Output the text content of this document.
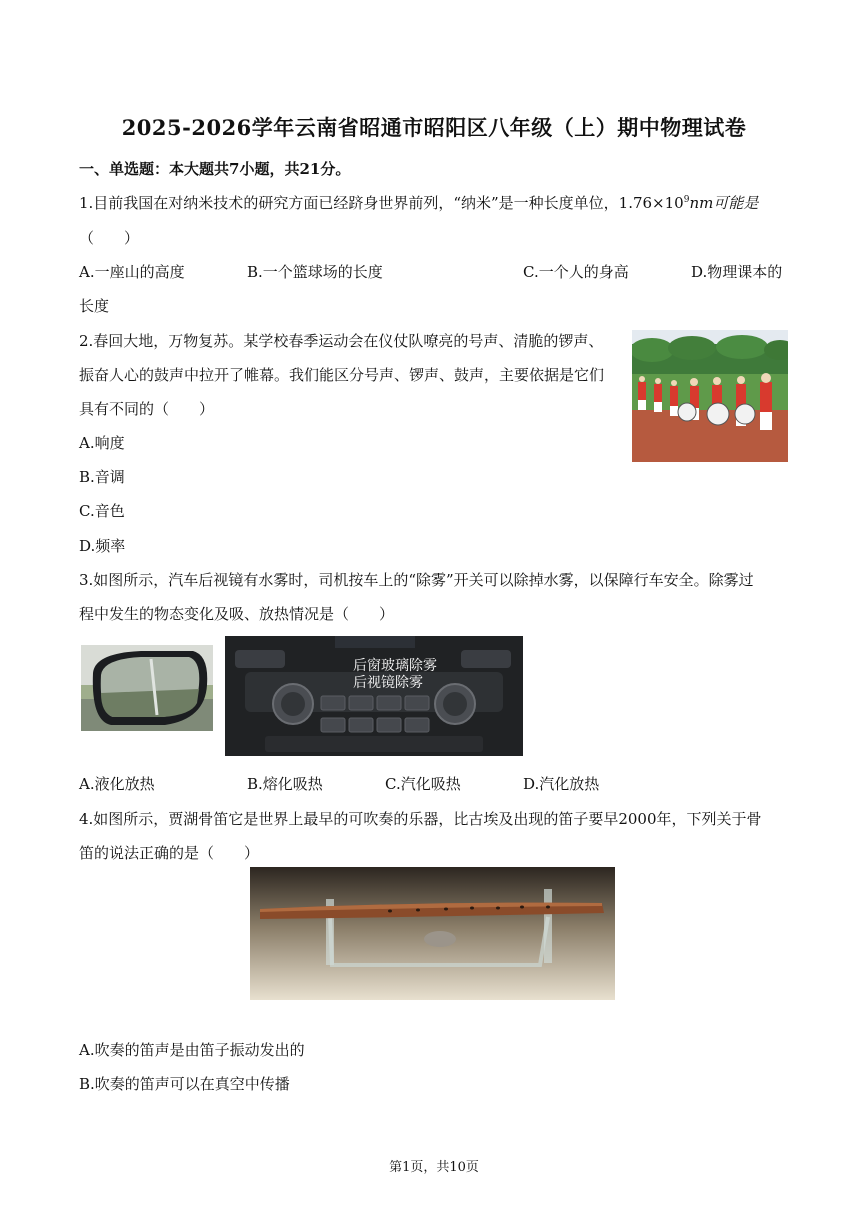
2025-2026学年云南省昭通市昭阳区八年级（上）期中物理试卷
一、单选题：本大题共7小题，共21分。
1.目前我国在对纳米技术的研究方面已经跻身世界前列，“纳米”是一种长度单位，$1.76\times 10^9nm$可能是
（　　）
A.一座山的高度	B.一个篮球场的长度	C.一个人的身高	D.物理课本的
长度
2.春回大地，万物复苏。某学校春季运动会在仪仗队嘹亮的号声、清脆的锣声、
振奋人心的鼓声中拉开了帷幕。我们能区分号声、锣声、鼓声，主要依据是它们
具有不同的（　　）
A.响度
B.音调
C.音色
D.频率
3.如图所示，汽车后视镜有水雾时，司机按车上的“除雾”开关可以除掉水雾，以保障行车安全。除雾过
程中发生的物态变化及吸、放热情况是（　　）
后窗玻璃除雾
后视镜除雾
A.液化放热	B.熔化吸热	C.汽化吸热	D.汽化放热
4.如图所示，贾湖骨笛它是世界上最早的可吹奏的乐器，比古埃及出现的笛子要早2000年，下列关于骨
笛的说法正确的是（　　）
A.吹奏的笛声是由笛子振动发出的
B.吹奏的笛声可以在真空中传播
第1页，共10页
